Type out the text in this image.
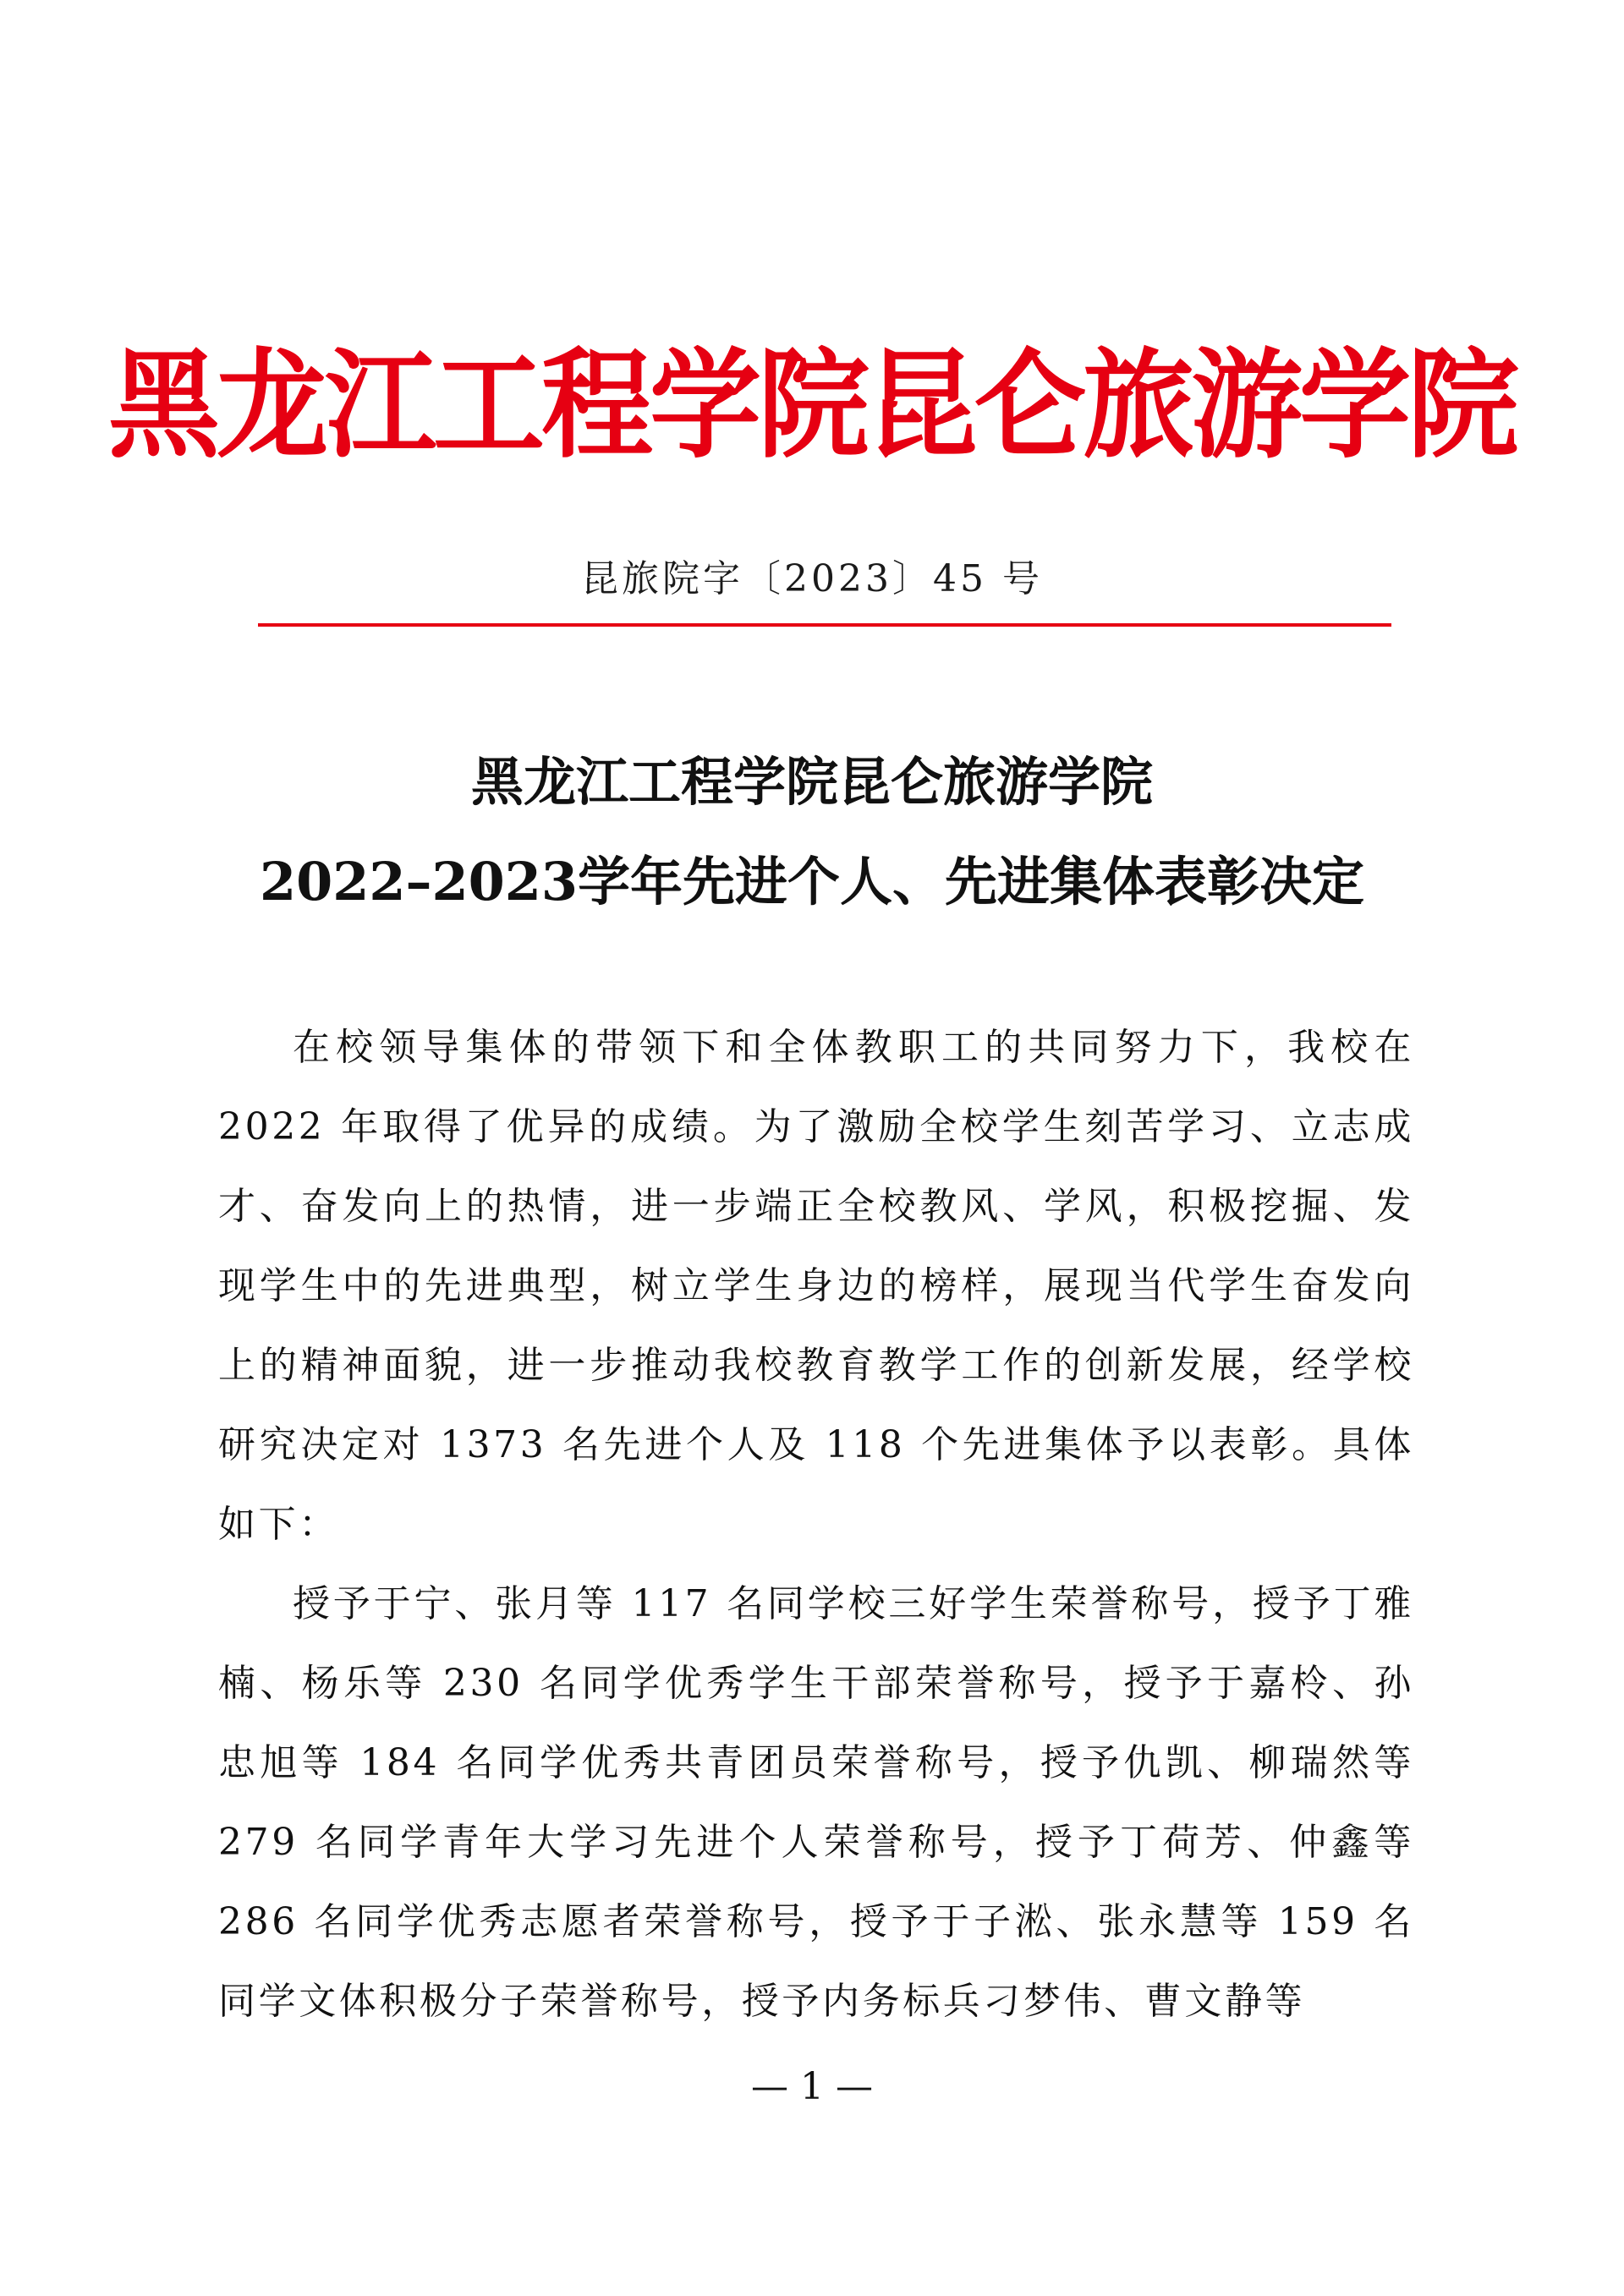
黑龙江工程学院昆仑旅游学院
昆旅院字〔2023〕45 号
黑龙江工程学院昆仑旅游学院
2022–2023学年先进个人、先进集体表彰决定

在校领导集体的带领下和全体教职工的共同努力下，我校在2022 年取得了优异的成绩。为了激励全校学生刻苦学习、立志成才、奋发向上的热情，进一步端正全校教风、学风，积极挖掘、发现学生中的先进典型，树立学生身边的榜样，展现当代学生奋发向上的精神面貌，进一步推动我校教育教学工作的创新发展，经学校研究决定对 1373 名先进个人及 118 个先进集体予以表彰。具体如下：

授予于宁、张月等 117 名同学校三好学生荣誉称号，授予丁雅楠、杨乐等 230 名同学优秀学生干部荣誉称号，授予于嘉柃、孙忠旭等 184 名同学优秀共青团员荣誉称号，授予仇凯、柳瑞然等 279 名同学青年大学习先进个人荣誉称号，授予丁荷芳、仲鑫等 286 名同学优秀志愿者荣誉称号，授予于子淞、张永慧等 159 名同学文体积极分子荣誉称号，授予内务标兵刁梦伟、曹文静等

— 1 —
